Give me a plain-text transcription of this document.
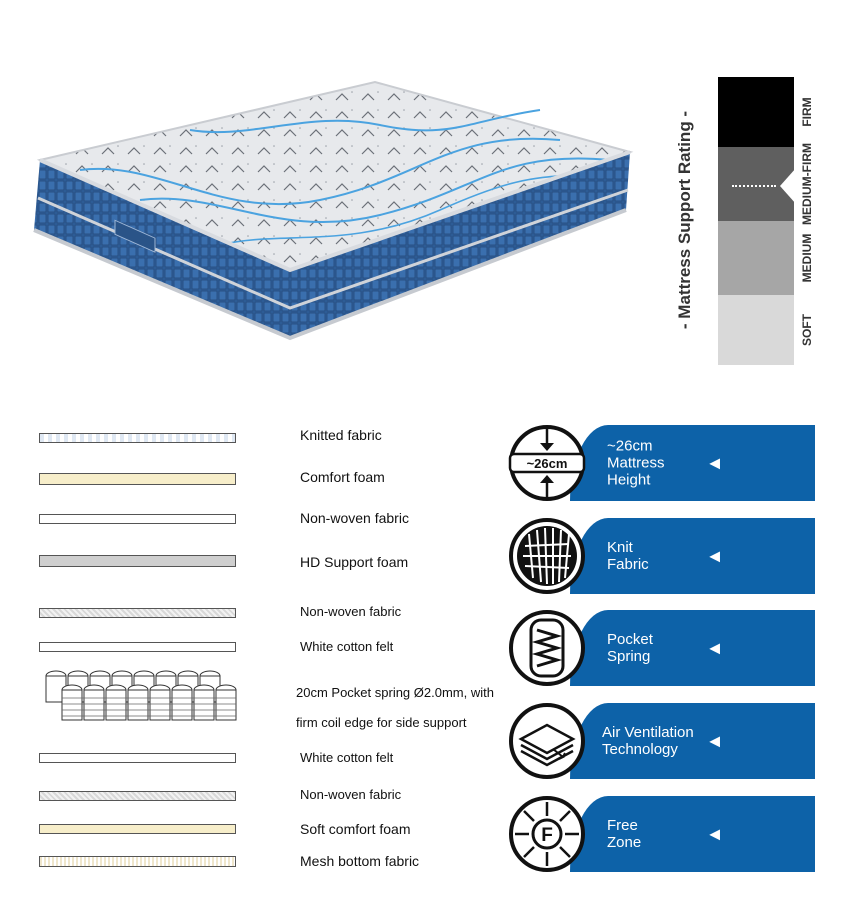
- Mattress Support Rating -	FIRM
MEDIUM-FIRM
MEDIUM
SOFT
Knitted fabric
Comfort foam
Non-woven fabric
HD Support foam
Non-woven fabric
White cotton felt
20cm Pocket spring Ø2.0mm, with
firm coil edge for side support
White cotton felt
Non-woven fabric
Soft comfort foam
Mesh bottom fabric
~26cm
Mattress
Height
◀
Knit
Fabric
◀
Pocket
Spring
◀
Air Ventilation
Technology
◀
Free
Zone
◀
~26cm
F
